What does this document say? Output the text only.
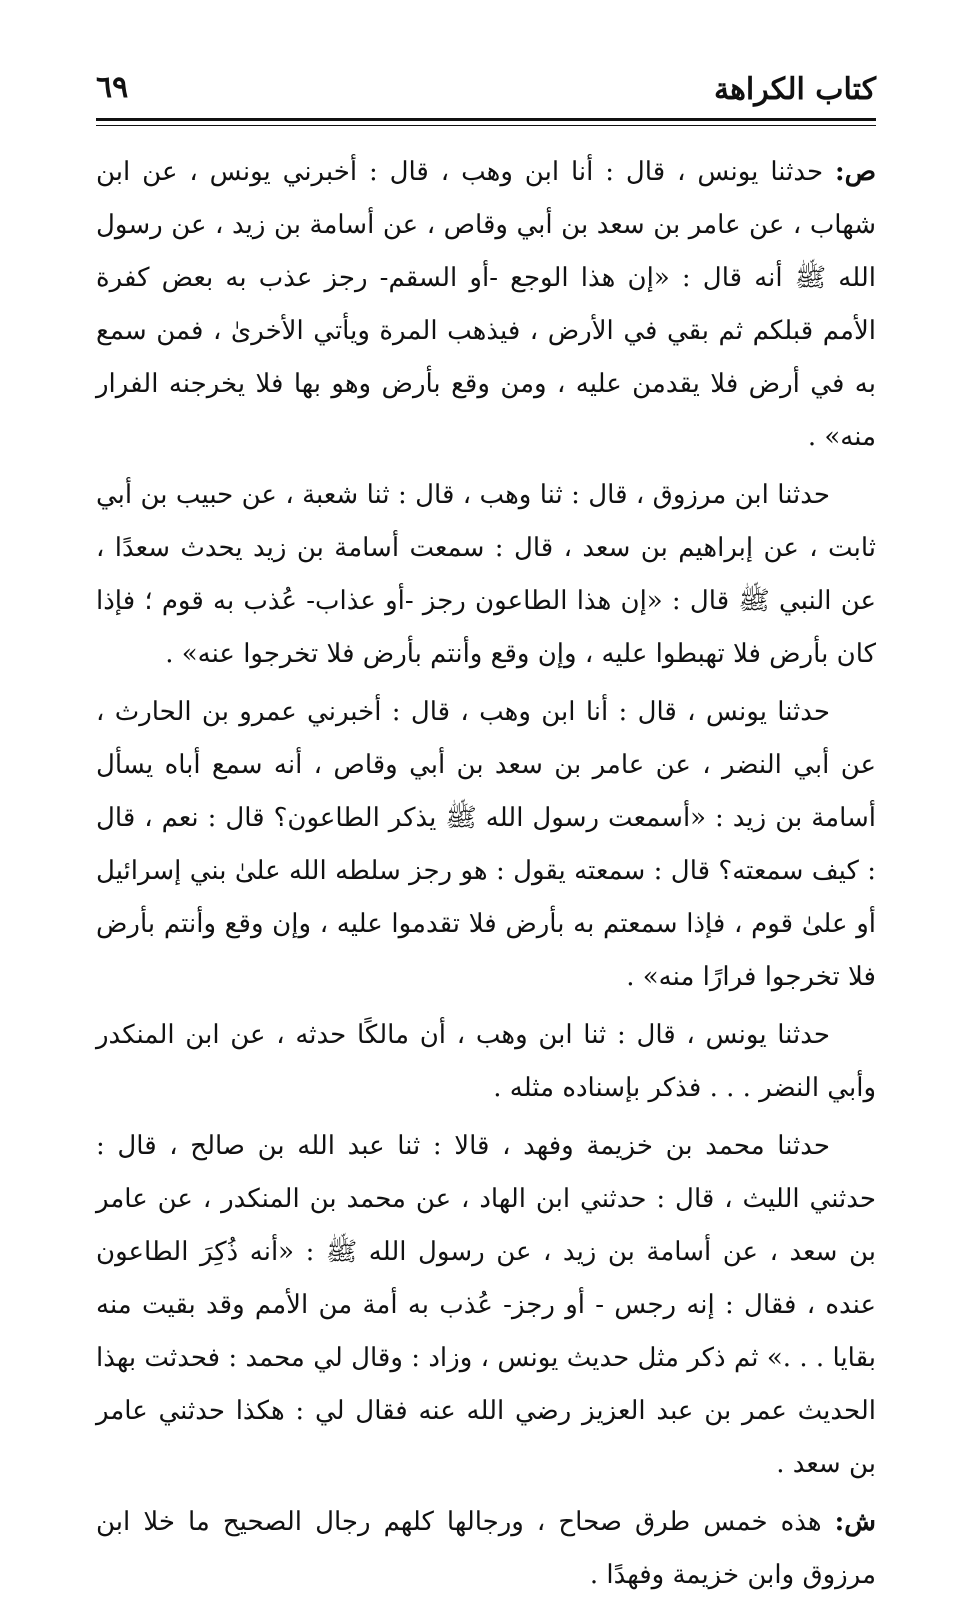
كتاب الكراهة
٦٩

ص: حدثنا يونس ، قال : أنا ابن وهب ، قال : أخبرني يونس ، عن ابن شهاب ، عن عامر بن سعد بن أبي وقاص ، عن أسامة بن زيد ، عن رسول الله ﷺ أنه قال : «إن هذا الوجع -أو السقم- رجز عذب به بعض كفرة الأمم قبلكم ثم بقي في الأرض ، فيذهب المرة ويأتي الأخرىٰ ، فمن سمع به في أرض فلا يقدمن عليه ، ومن وقع بأرض وهو بها فلا يخرجنه الفرار منه» .

حدثنا ابن مرزوق ، قال : ثنا وهب ، قال : ثنا شعبة ، عن حبيب بن أبي ثابت ، عن إبراهيم بن سعد ، قال : سمعت أسامة بن زيد يحدث سعدًا ، عن النبي ﷺ قال : «إن هذا الطاعون رجز -أو عذاب- عُذب به قوم ؛ فإذا كان بأرض فلا تهبطوا عليه ، وإن وقع وأنتم بأرض فلا تخرجوا عنه» .

حدثنا يونس ، قال : أنا ابن وهب ، قال : أخبرني عمرو بن الحارث ، عن أبي النضر ، عن عامر بن سعد بن أبي وقاص ، أنه سمع أباه يسأل أسامة بن زيد : «أسمعت رسول الله ﷺ يذكر الطاعون؟ قال : نعم ، قال : كيف سمعته؟ قال : سمعته يقول : هو رجز سلطه الله علىٰ بني إسرائيل أو علىٰ قوم ، فإذا سمعتم به بأرض فلا تقدموا عليه ، وإن وقع وأنتم بأرض فلا تخرجوا فرارًا منه» .

حدثنا يونس ، قال : ثنا ابن وهب ، أن مالكًا حدثه ، عن ابن المنكدر وأبي النضر . . . فذكر بإسناده مثله .

حدثنا محمد بن خزيمة وفهد ، قالا : ثنا عبد الله بن صالح ، قال : حدثني الليث ، قال : حدثني ابن الهاد ، عن محمد بن المنكدر ، عن عامر بن سعد ، عن أسامة بن زيد ، عن رسول الله ﷺ : «أنه ذُكِرَ الطاعون عنده ، فقال : إنه رجس - أو رجز- عُذب به أمة من الأمم وقد بقيت منه بقايا . . .» ثم ذكر مثل حديث يونس ، وزاد : وقال لي محمد : فحدثت بهذا الحديث عمر بن عبد العزيز رضي الله عنه فقال لي : هكذا حدثني عامر بن سعد .

ش: هذه خمس طرق صحاح ، ورجالها كلهم رجال الصحيح ما خلا ابن مرزوق وابن خزيمة وفهدًا .
